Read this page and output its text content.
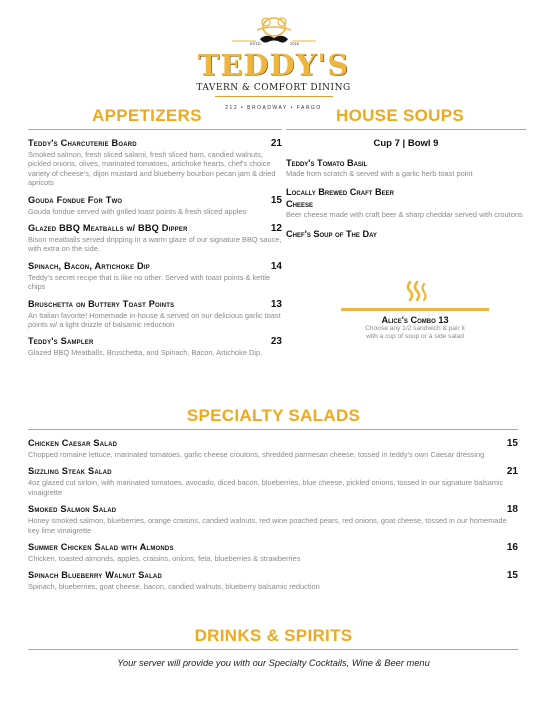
ESTD	2016
TEDDY'S
TAVERN & COMFORT DINING
212 • BROADWAY • FARGO
APPETIZERS	HOUSE SOUPS
Teddy's Charcuterie Board	21
Smoked salmon, fresh sliced salami, fresh sliced ham, candied walnuts, pickled onions, olives, marinated tomatoes, artichoke hearts, chef's choice variety of cheese's, dijon mustard and blueberry bourbon pecan jam & dried apricots
Gouda Fondue For Two	15
Gouda fondue served with grilled toast points & fresh sliced apples
Glazed BBQ Meatballs w/ BBQ Dipper	12
Bison meatballs served dripping in a warm glaze of our signature BBQ sauce, with extra on the side.
Spinach, Bacon, Artichoke Dip	14
Teddy's secret recipe that is like no other. Served with toast points & kettle chips
Bruschetta on Buttery Toast Points	13
An Italian favorite! Homemade in-house & served on our delicious garlic toast points w/ a light drizzle of balsamic reduction
Teddy's Sampler	23
Glazed BBQ Meatballs, Bruschetta, and Spinach, Bacon, Artichoke Dip.
Cup 7 | Bowl 9
Teddy's Tomato Basil
Made from scratch & served with a garlic herb toast point
Locally Brewed Craft Beer Cheese
Beer cheese made with craft beer & sharp cheddar served with croutons
Chef's Soup of The Day
Alice's Combo 13
Choose any 1/2 sandwich & pair it with a cup of soup or a side salad
SPECIALTY SALADS
Chicken Caesar Salad	15
Chopped romaine lettuce, marinated tomatoes, garlic cheese croutons, shredded parmesan cheese, tossed in teddy's own Caesar dressing
Sizzling Steak Salad	21
4oz glazed cut sirloin, with marinated tomatoes, avocado, diced bacon, blueberries, blue cheese, pickled onions, tossed in our signature balsamic vinaigrette
Smoked Salmon Salad	18
Honey smoked salmon, blueberries, orange craisins, candied walnuts, red wine poached pears, red onions, goat cheese, tossed in our homemade key lime vinaigrette
Summer Chicken Salad with Almonds	16
Chicken, toasted almonds, apples, craisins, onions, feta, blueberries & strawberries
Spinach Blueberry Walnut Salad	15
Spinach, blueberries, goat cheese, bacon, candied walnuts, blueberry balsamic reduction
DRINKS & SPIRITS
Your server will provide you with our Specialty Cocktails, Wine & Beer menu
